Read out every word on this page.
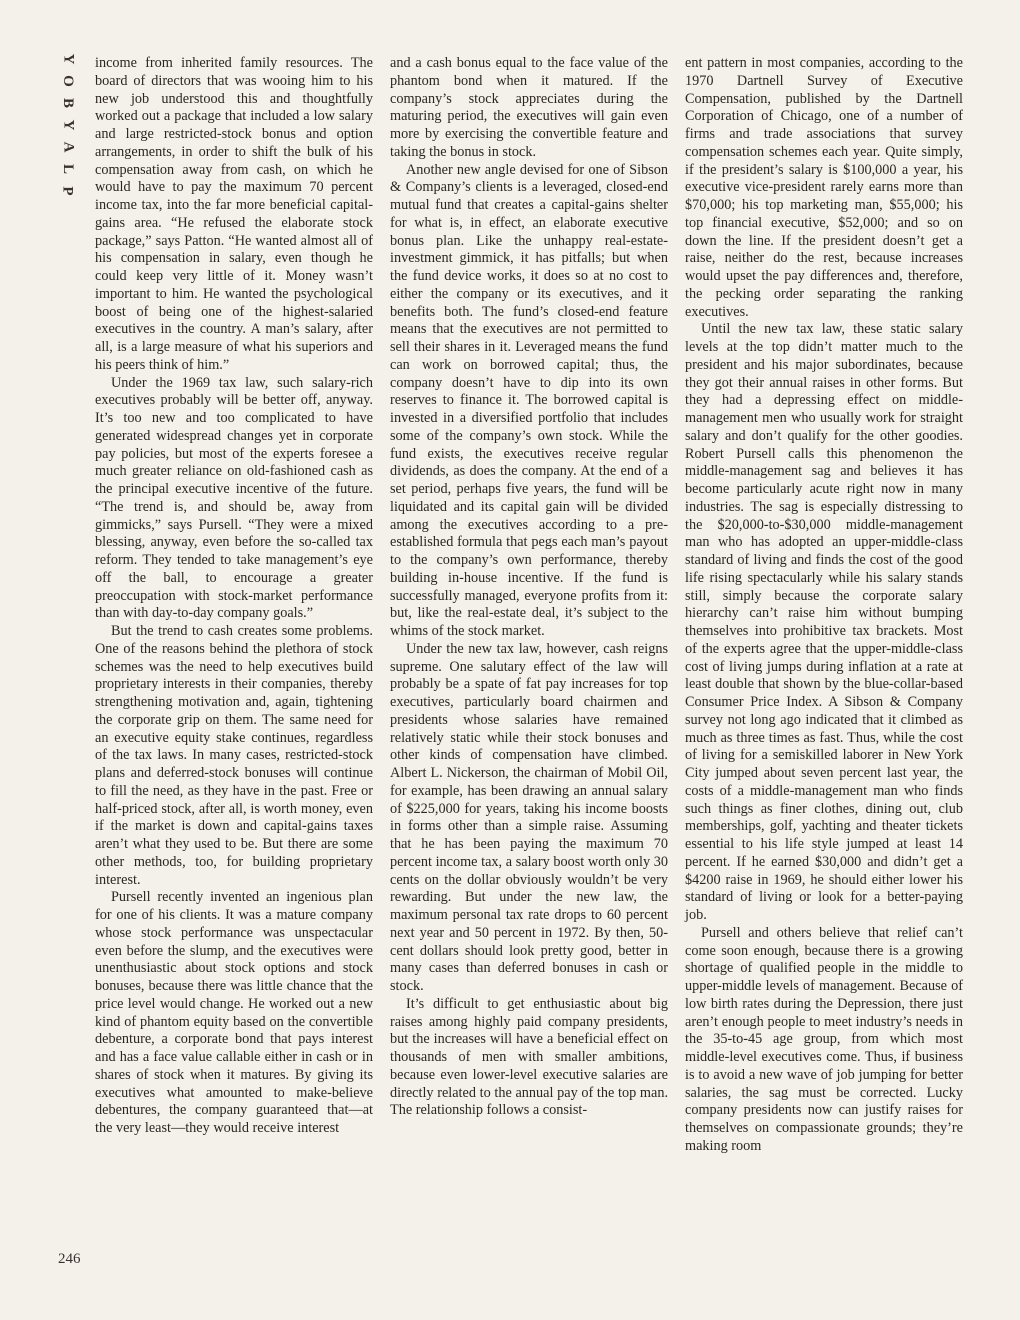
Y
O
B
Y
A
L
P
246

income from inherited family resources. The board of directors that was wooing him to his new job understood this and thoughtfully worked out a package that included a low salary and large restricted-stock bonus and option arrangements, in order to shift the bulk of his compensation away from cash, on which he would have to pay the maximum 70 percent income tax, into the far more beneficial capital-gains area. “He refused the elaborate stock package,” says Patton. “He wanted almost all of his compensation in salary, even though he could keep very little of it. Money wasn’t important to him. He wanted the psychological boost of being one of the highest-salaried executives in the country. A man’s salary, after all, is a large measure of what his superiors and his peers think of him.”

Under the 1969 tax law, such salary-rich executives probably will be better off, anyway. It’s too new and too complicated to have generated widespread changes yet in corporate pay policies, but most of the experts foresee a much greater reliance on old-fashioned cash as the principal executive incentive of the future. “The trend is, and should be, away from gimmicks,” says Pursell. “They were a mixed blessing, anyway, even before the so-called tax reform. They tended to take management’s eye off the ball, to encourage a greater preoccupation with stock-market performance than with day-to-day company goals.”

But the trend to cash creates some problems. One of the reasons behind the plethora of stock schemes was the need to help executives build proprietary interests in their companies, thereby strengthening motivation and, again, tightening the corporate grip on them. The same need for an executive equity stake continues, regardless of the tax laws. In many cases, restricted-stock plans and deferred-stock bonuses will continue to fill the need, as they have in the past. Free or half-priced stock, after all, is worth money, even if the market is down and capital-gains taxes aren’t what they used to be. But there are some other methods, too, for building proprietary interest.

Pursell recently invented an ingenious plan for one of his clients. It was a mature company whose stock performance was unspectacular even before the slump, and the executives were unenthusiastic about stock options and stock bonuses, because there was little chance that the price level would change. He worked out a new kind of phantom equity based on the convertible debenture, a corporate bond that pays interest and has a face value callable either in cash or in shares of stock when it matures. By giving its executives what amounted to make-believe debentures, the company guaranteed that—at the very least—they would receive interest

and a cash bonus equal to the face value of the phantom bond when it matured. If the company’s stock appreciates during the maturing period, the executives will gain even more by exercising the convertible feature and taking the bonus in stock.

Another new angle devised for one of Sibson & Company’s clients is a leveraged, closed-end mutual fund that creates a capital-gains shelter for what is, in effect, an elaborate executive bonus plan. Like the unhappy real-estate-investment gimmick, it has pitfalls; but when the fund device works, it does so at no cost to either the company or its executives, and it benefits both. The fund’s closed-end feature means that the executives are not permitted to sell their shares in it. Leveraged means the fund can work on borrowed capital; thus, the company doesn’t have to dip into its own reserves to finance it. The borrowed capital is invested in a diversified portfolio that includes some of the company’s own stock. While the fund exists, the executives receive regular dividends, as does the company. At the end of a set period, perhaps five years, the fund will be liquidated and its capital gain will be divided among the executives according to a pre-established formula that pegs each man’s payout to the company’s own performance, thereby building in-house incentive. If the fund is successfully managed, everyone profits from it: but, like the real-estate deal, it’s subject to the whims of the stock market.

Under the new tax law, however, cash reigns supreme. One salutary effect of the law will probably be a spate of fat pay increases for top executives, particularly board chairmen and presidents whose salaries have remained relatively static while their stock bonuses and other kinds of compensation have climbed. Albert L. Nickerson, the chairman of Mobil Oil, for example, has been drawing an annual salary of $225,000 for years, taking his income boosts in forms other than a simple raise. Assuming that he has been paying the maximum 70 percent income tax, a salary boost worth only 30 cents on the dollar obviously wouldn’t be very rewarding. But under the new law, the maximum personal tax rate drops to 60 percent next year and 50 percent in 1972. By then, 50-cent dollars should look pretty good, better in many cases than deferred bonuses in cash or stock.

It’s difficult to get enthusiastic about big raises among highly paid company presidents, but the increases will have a beneficial effect on thousands of men with smaller ambitions, because even lower-level executive salaries are directly related to the annual pay of the top man. The relationship follows a consist-

ent pattern in most companies, according to the 1970 Dartnell Survey of Executive Compensation, published by the Dartnell Corporation of Chicago, one of a number of firms and trade associations that survey compensation schemes each year. Quite simply, if the president’s salary is $100,000 a year, his executive vice-president rarely earns more than $70,000; his top marketing man, $55,000; his top financial executive, $52,000; and so on down the line. If the president doesn’t get a raise, neither do the rest, because increases would upset the pay differences and, therefore, the pecking order separating the ranking executives.

Until the new tax law, these static salary levels at the top didn’t matter much to the president and his major subordinates, because they got their annual raises in other forms. But they had a depressing effect on middle-management men who usually work for straight salary and don’t qualify for the other goodies. Robert Pursell calls this phenomenon the middle-management sag and believes it has become particularly acute right now in many industries. The sag is especially distressing to the $20,000-to-$30,000 middle-management man who has adopted an upper-middle-class standard of living and finds the cost of the good life rising spectacularly while his salary stands still, simply because the corporate salary hierarchy can’t raise him without bumping themselves into prohibitive tax brackets. Most of the experts agree that the upper-middle-class cost of living jumps during inflation at a rate at least double that shown by the blue-collar-based Consumer Price Index. A Sibson & Company survey not long ago indicated that it climbed as much as three times as fast. Thus, while the cost of living for a semiskilled laborer in New York City jumped about seven percent last year, the costs of a middle-management man who finds such things as finer clothes, dining out, club memberships, golf, yachting and theater tickets essential to his life style jumped at least 14 percent. If he earned $30,000 and didn’t get a $4200 raise in 1969, he should either lower his standard of living or look for a better-paying job.

Pursell and others believe that relief can’t come soon enough, because there is a growing shortage of qualified people in the middle to upper-middle levels of management. Because of low birth rates during the Depression, there just aren’t enough people to meet industry’s needs in the 35-to-45 age group, from which most middle-level executives come. Thus, if business is to avoid a new wave of job jumping for better salaries, the sag must be corrected. Lucky company presidents now can justify raises for themselves on compassionate grounds; they’re making room
